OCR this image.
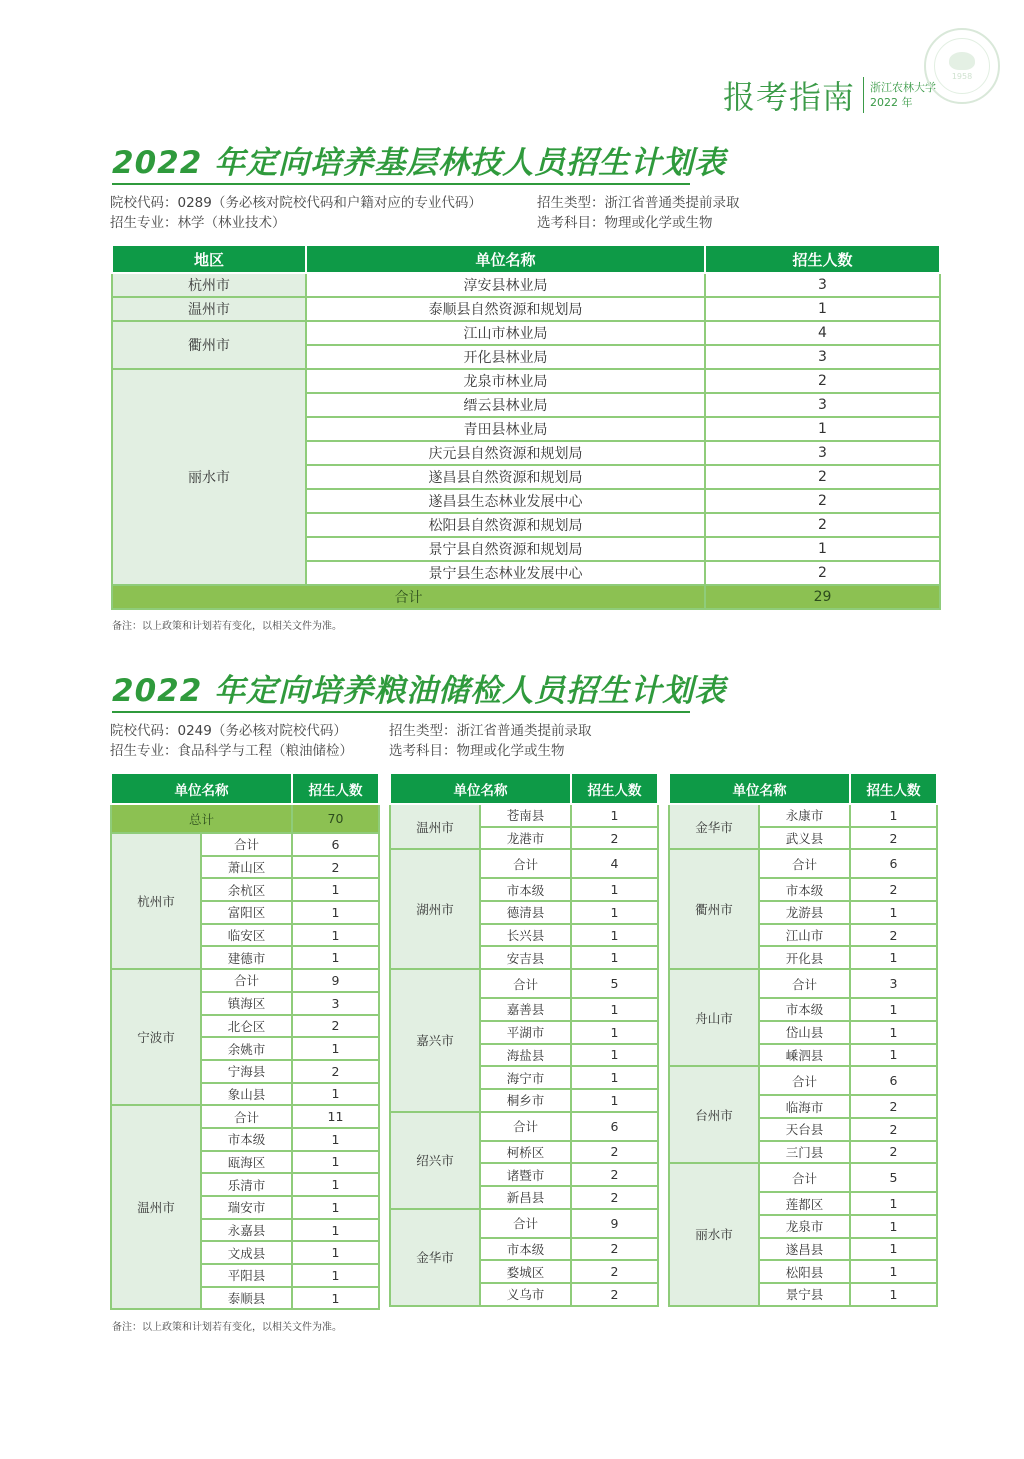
报考指南 浙江农林大学
2022 年
1958
2022 年定向培养基层林技人员招生计划表
院校代码：0289（务必核对院校代码和户籍对应的专业代码）
招生专业：林学（林业技术）
招生类型：浙江省普通类提前录取
选考科目：物理或化学或生物
地区	单位名称	招生人数
杭州市	淳安县林业局	3
温州市	泰顺县自然资源和规划局	1
衢州市	江山市林业局	4
	开化县林业局	3
丽水市	龙泉市林业局	2
	缙云县林业局	3
	青田县林业局	1
	庆元县自然资源和规划局	3
	遂昌县自然资源和规划局	2
	遂昌县生态林业发展中心	2
	松阳县自然资源和规划局	2
	景宁县自然资源和规划局	1
	景宁县生态林业发展中心	2
合计		29
备注：以上政策和计划若有变化，以相关文件为准。
2022 年定向培养粮油储检人员招生计划表
院校代码：0249（务必核对院校代码）
招生专业：食品科学与工程（粮油储检）
招生类型：浙江省普通类提前录取
选考科目：物理或化学或生物
单位名称		招生人数
总计		70
杭州市	合计	6
	萧山区	2
	余杭区	1
	富阳区	1
	临安区	1
	建德市	1
宁波市	合计	9
	镇海区	3
	北仑区	2
	余姚市	1
	宁海县	2
	象山县	1
温州市	合计	11
	市本级	1
	瓯海区	1
	乐清市	1
	瑞安市	1
	永嘉县	1
	文成县	1
	平阳县	1
	泰顺县	1
单位名称		招生人数
温州市	苍南县	1
	龙港市	2
湖州市	合计	4
	市本级	1
	德清县	1
	长兴县	1
	安吉县	1
嘉兴市	合计	5
	嘉善县	1
	平湖市	1
	海盐县	1
	海宁市	1
	桐乡市	1
绍兴市	合计	6
	柯桥区	2
	诸暨市	2
	新昌县	2
金华市	合计	9
	市本级	2
	婺城区	2
	义乌市	2
单位名称		招生人数
金华市	永康市	1
	武义县	2
衢州市	合计	6
	市本级	2
	龙游县	1
	江山市	2
	开化县	1
舟山市	合计	3
	市本级	1
	岱山县	1
	嵊泗县	1
台州市	合计	6
	临海市	2
	天台县	2
	三门县	2
丽水市	合计	5
	莲都区	1
	龙泉市	1
	遂昌县	1
	松阳县	1
	景宁县	1
备注：以上政策和计划若有变化，以相关文件为准。
